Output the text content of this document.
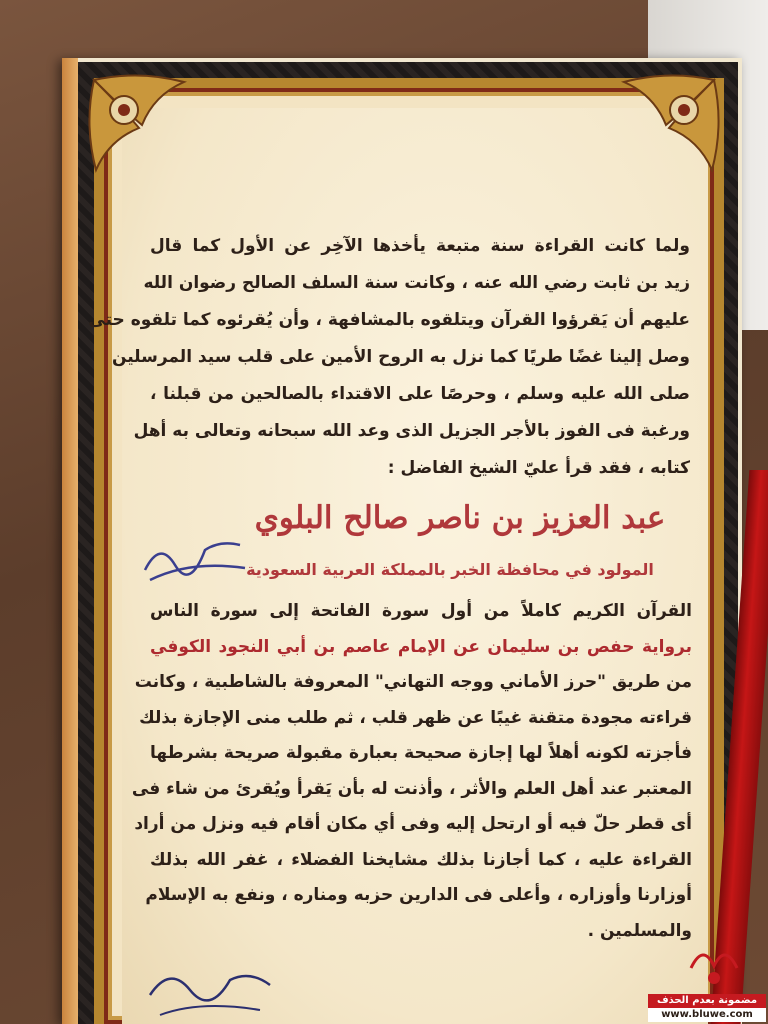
ولما كانت القراءة سنة متبعة يأخذها الآخِر عن الأول كما قال
زيد بن ثابت رضي الله عنه ، وكانت سنة السلف الصالح رضوان الله
عليهم أن يَقرؤوا القرآن ويتلقوه بالمشافهة ، وأن يُقرئوه كما تلقوه حتى
وصل إلينا غضًا طريًا كما نزل به الروح الأمين على قلب سيد المرسلين
صلى الله عليه وسلم ، وحرصًا على الاقتداء بالصالحين من قبلنا ،
ورغبة فى الفوز بالأجر الجزيل الذى وعد الله سبحانه وتعالى به أهل
كتابه ، فقد قرأ عليّ الشيخ الفاضل :
عبد العزيز بن ناصر صالح البلوي
المولود في محافظة الخبر بالمملكة العربية السعودية
القرآن الكريم كاملاً من أول سورة الفاتحة إلى سورة الناس
برواية حفص بن سليمان عن الإمام عاصم بن أبي النجود الكوفي
من طريق "حرز الأماني ووجه التهاني" المعروفة بالشاطبية ، وكانت
قراءته مجودة متقنة غيبًا عن ظهر قلب ، ثم طلب منى الإجازة بذلك
فأجزته لكونه أهلاً لها إجازة صحيحة بعبارة مقبولة صريحة بشرطها
المعتبر عند أهل العلم والأثر ، وأذنت له بأن يَقرأ ويُقرئ من شاء فى
أى قطر حلّ فيه أو ارتحل إليه وفى أي مكان أقام فيه ونزل من أراد
القراءة عليه ، كما أجازنا بذلك مشايخنا الفضلاء ، غفر الله بذلك
أوزارنا وأوزاره ، وأعلى فى الدارين حزبه ومناره ، ونفع به الإسلام
والمسلمين .
مضمونة بعدم الحذف
www.bluwe.com
